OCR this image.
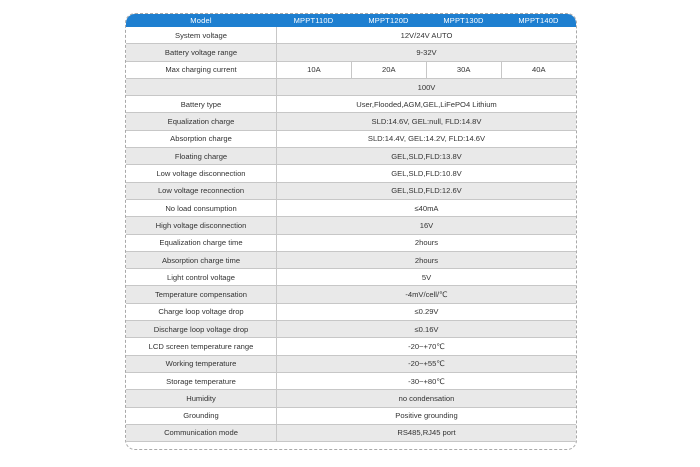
Model	MPPT110D	MPPT120D	MPPT130D	MPPT140D
System voltage	12V/24V AUTO			
Battery voltage range	9-32V			
Max charging current	10A	20A	30A	40A
	100V			
Battery type	User,Flooded,AGM,GEL,LiFePO4 Lithium			
Equalization charge	SLD:14.6V, GEL:null, FLD:14.8V			
Absorption charge	SLD:14.4V, GEL:14.2V, FLD:14.6V			
Floating charge	GEL,SLD,FLD:13.8V			
Low voltage disconnection	GEL,SLD,FLD:10.8V			
Low voltage reconnection	GEL,SLD,FLD:12.6V			
No load consumption	≤40mA			
High voltage disconnection	16V			
Equalization charge time	2hours			
Absorption charge time	2hours			
Light control voltage	5V			
Temperature compensation	-4mV/cell/℃			
Charge loop voltage drop	≤0.29V			
Discharge loop voltage drop	≤0.16V			
LCD screen temperature range	-20~+70℃			
Working temperature	-20~+55℃			
Storage temperature	-30~+80℃			
Humidity	no condensation			
Grounding	Positive grounding			
Communication mode	RS485,RJ45 port			
